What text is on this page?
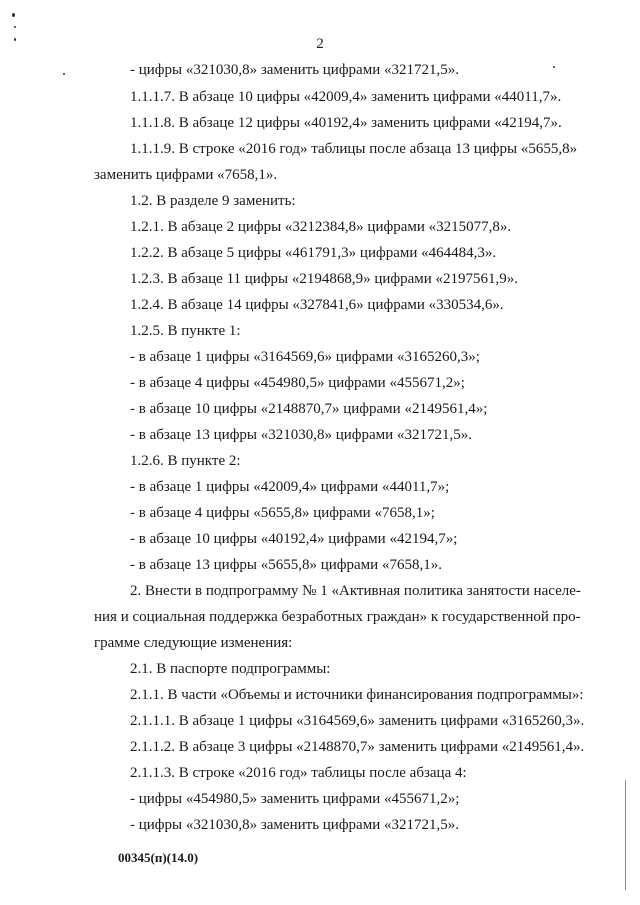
2
- цифры «321030,8» заменить цифрами «321721,5».
1.1.1.7. В абзаце 10 цифры «42009,4» заменить цифрами «44011,7».
1.1.1.8. В абзаце 12 цифры «40192,4» заменить цифрами «42194,7».
1.1.1.9. В строке «2016 год» таблицы после абзаца 13 цифры «5655,8»
заменить цифрами «7658,1».
1.2. В разделе 9 заменить:
1.2.1. В абзаце 2 цифры «3212384,8» цифрами «3215077,8».
1.2.2. В абзаце 5 цифры «461791,3» цифрами «464484,3».
1.2.3. В абзаце 11 цифры «2194868,9» цифрами «2197561,9».
1.2.4. В абзаце 14 цифры «327841,6» цифрами «330534,6».
1.2.5. В пункте 1:
- в абзаце 1 цифры «3164569,6» цифрами «3165260,3»;
- в абзаце 4 цифры «454980,5» цифрами «455671,2»;
- в абзаце 10 цифры «2148870,7» цифрами «2149561,4»;
- в абзаце 13 цифры «321030,8» цифрами «321721,5».
1.2.6. В пункте 2:
- в абзаце 1 цифры «42009,4» цифрами «44011,7»;
- в абзаце 4 цифры «5655,8» цифрами «7658,1»;
- в абзаце 10 цифры «40192,4» цифрами «42194,7»;
- в абзаце 13 цифры «5655,8» цифрами «7658,1».
2. Внести в подпрограмму № 1 «Активная политика занятости населе-
ния и социальная поддержка безработных граждан» к государственной про-
грамме следующие изменения:
2.1. В паспорте подпрограммы:
2.1.1. В части «Объемы и источники финансирования подпрограммы»:
2.1.1.1. В абзаце 1 цифры «3164569,6» заменить цифрами «3165260,3».
2.1.1.2. В абзаце 3 цифры «2148870,7» заменить цифрами «2149561,4».
2.1.1.3. В строке «2016 год» таблицы после абзаца 4:
- цифры «454980,5» заменить цифрами «455671,2»;
- цифры «321030,8» заменить цифрами «321721,5».
00345(п)(14.0)
